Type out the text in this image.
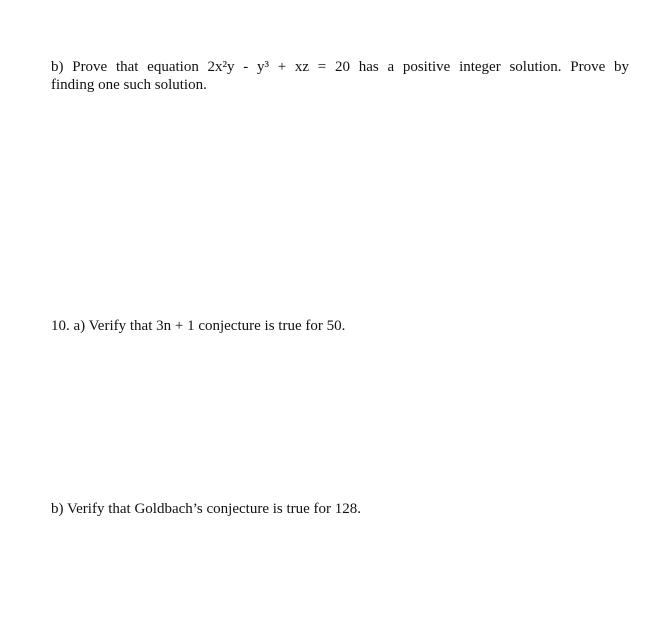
b) Prove that equation 2x²y - y³ + xz = 20 has a positive integer solution. Prove by
finding one such solution.
10. a) Verify that 3n + 1 conjecture is true for 50.
b) Verify that Goldbach’s conjecture is true for 128.
